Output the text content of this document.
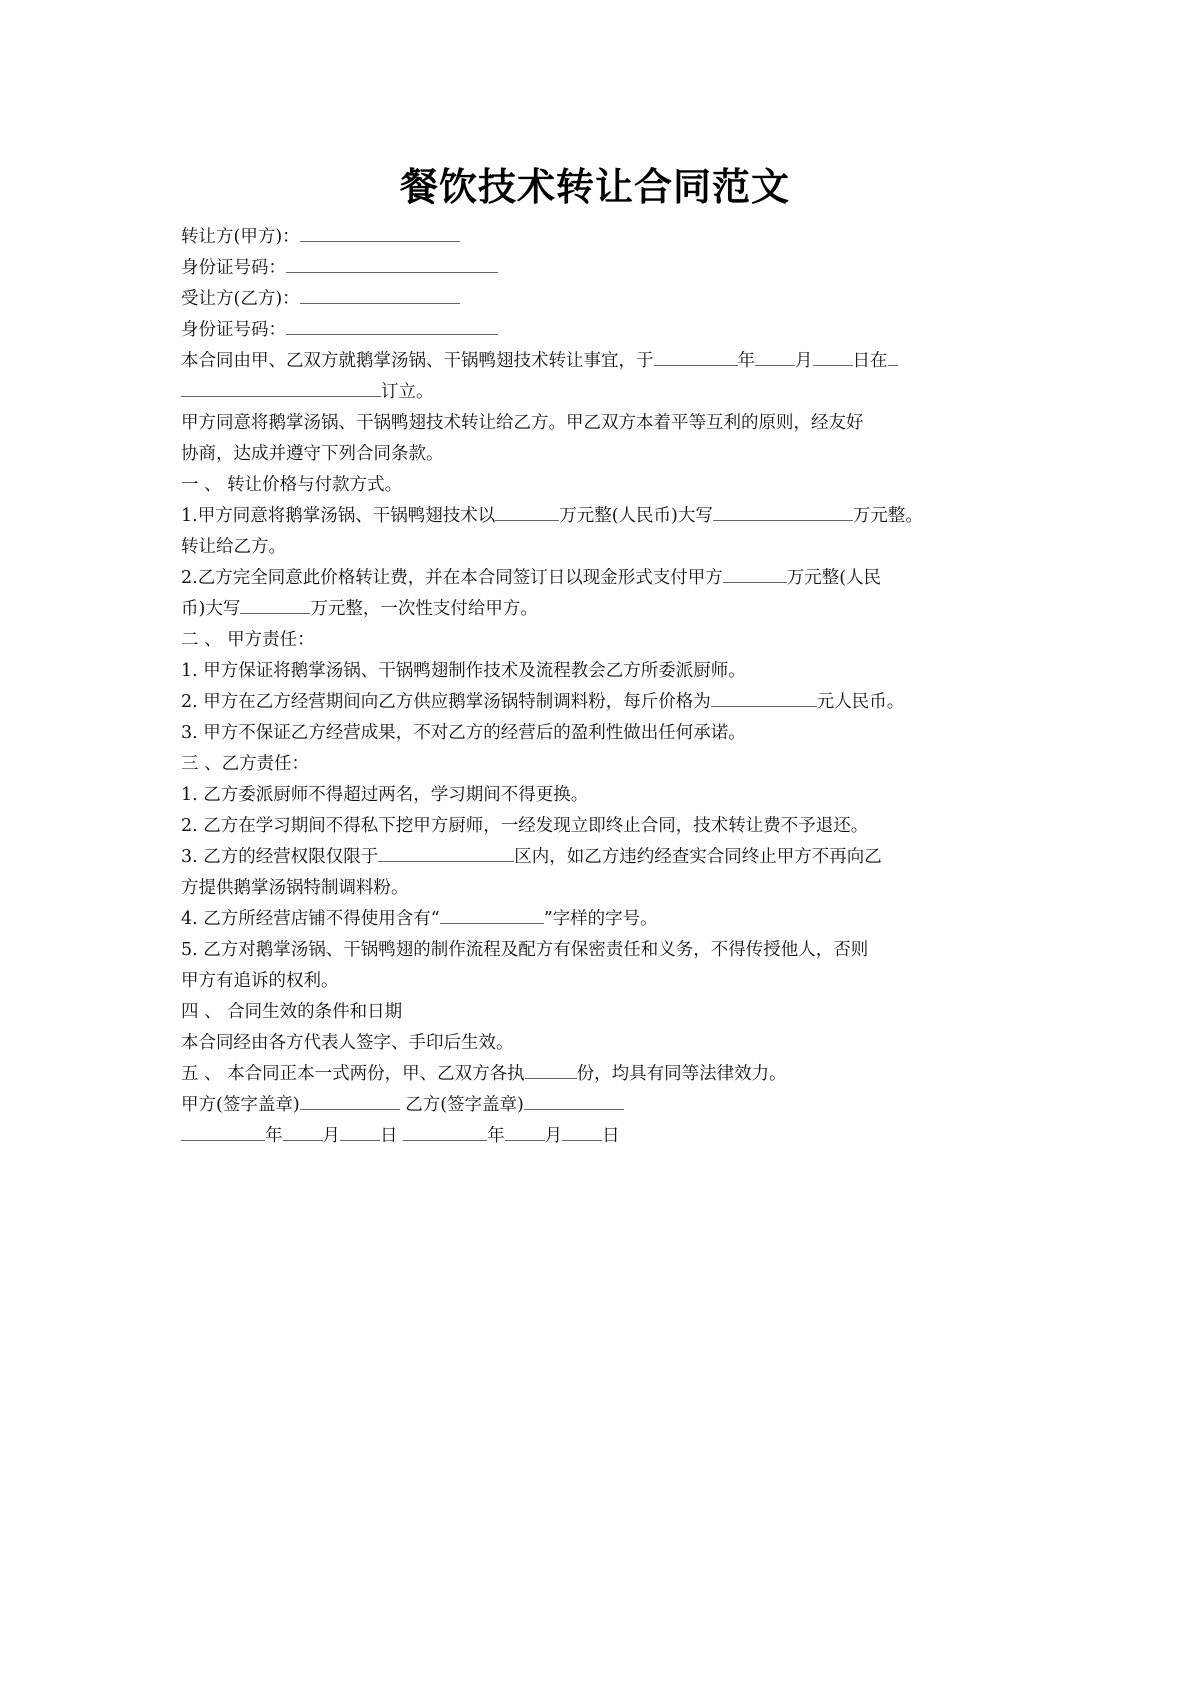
餐饮技术转让合同范文
转让方(甲方)：
身份证号码：
受让方(乙方)：
身份证号码：
本合同由甲、乙双方就鹅掌汤锅、干锅鸭翅技术转让事宜，于	年 月 日在
订立。
甲方同意将鹅掌汤锅、干锅鸭翅技术转让给乙方。甲乙双方本着平等互利的原则，经友好
协商，达成并遵守下列合同条款。
一 、 转让价格与付款方式。
1.甲方同意将鹅掌汤锅、干锅鸭翅技术以	万元整(人民币)大写	万元整。
转让给乙方。
2.乙方完全同意此价格转让费，并在本合同签订日以现金形式支付甲方	万元整(人民
币)大写	万元整，一次性支付给甲方。
二 、 甲方责任：
1. 甲方保证将鹅掌汤锅、干锅鸭翅制作技术及流程教会乙方所委派厨师。
2. 甲方在乙方经营期间向乙方供应鹅掌汤锅特制调料粉，每斤价格为	元人民币。
3. 甲方不保证乙方经营成果，不对乙方的经营后的盈利性做出任何承诺。
三 、乙方责任：
1. 乙方委派厨师不得超过两名，学习期间不得更换。
2. 乙方在学习期间不得私下挖甲方厨师，一经发现立即终止合同，技术转让费不予退还。
3. 乙方的经营权限仅限于	区内，如乙方违约经查实合同终止甲方不再向乙
方提供鹅掌汤锅特制调料粉。
4. 乙方所经营店铺不得使用含有“	”字样的字号。
5. 乙方对鹅掌汤锅、干锅鸭翅的制作流程及配方有保密责任和义务，不得传授他人，否则
甲方有追诉的权利。
四 、 合同生效的条件和日期
本合同经由各方代表人签字、手印后生效。
五 、 本合同正本一式两份，甲、乙双方各执	份，均具有同等法律效力。
甲方(签字盖章)	乙方(签字盖章)
年 月 日	年 月 日
